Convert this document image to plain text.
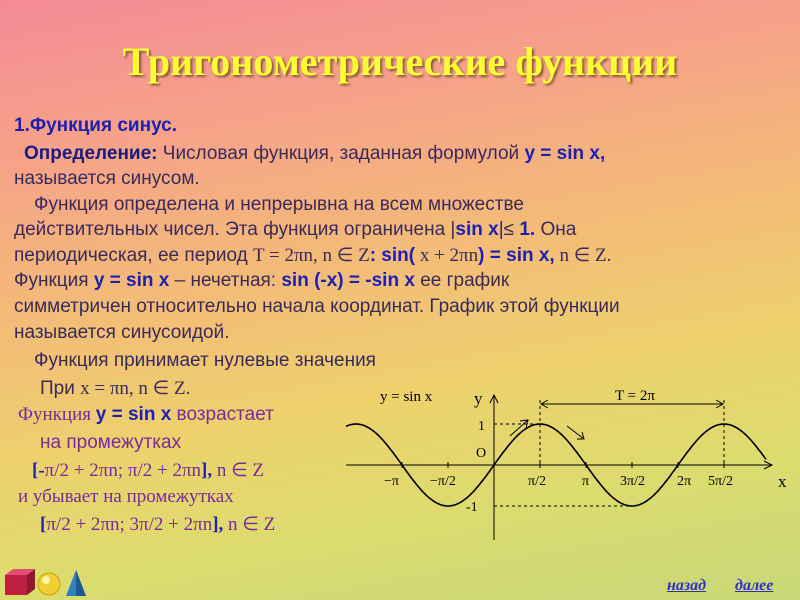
Тригонометрические функции
1.Функция синус.
Определение: Числовая функция, заданная формулой y = sin x,
называется синусом.
Функция определена и непрерывна на всем множестве
действительных чисел. Эта функция ограничена |sin x|≤ 1. Она
периодическая, ее период T = 2πn, n ∈ Z: sin( x + 2πn) = sin x, n ∈ Z.
Функция y = sin x – нечетная: sin (-x) = -sin x ее график
симметричен относительно начала координат. График этой функции
называется синусоидой.
Функция принимает нулевые значения
При x = πn, n ∈ Z.
Функция y = sin x возрастает
на промежутках
[-π/2 + 2πn; π/2 + 2πn], n ∈ Z
и убывает на промежутках
[π/2 + 2πn; 3π/2 + 2πn], n ∈ Z
y = sin x y
x
O
1
-1
T = 2π
−π −π/2	π/2	π 3π/2 2π 5π/2
назад далее
